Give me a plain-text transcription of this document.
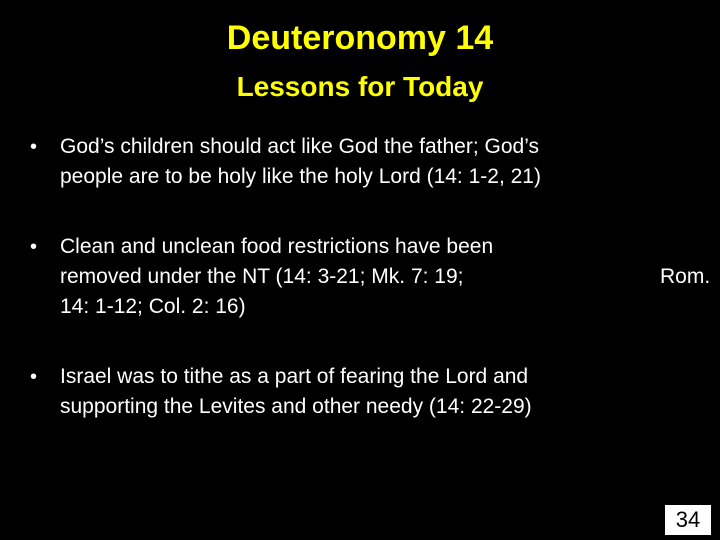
Deuteronomy 14
Lessons for Today
•	God’s children should act like God the father; God’s
people are to be holy like the holy Lord (14: 1-2, 21)
•	Clean and unclean food restrictions have been
removed under the NT (14: 3-21; Mk. 7: 19;	Rom.
14: 1-12; Col. 2: 16)
•	Israel was to tithe as a part of fearing the Lord and
supporting the Levites and other needy (14: 22-29)
34
